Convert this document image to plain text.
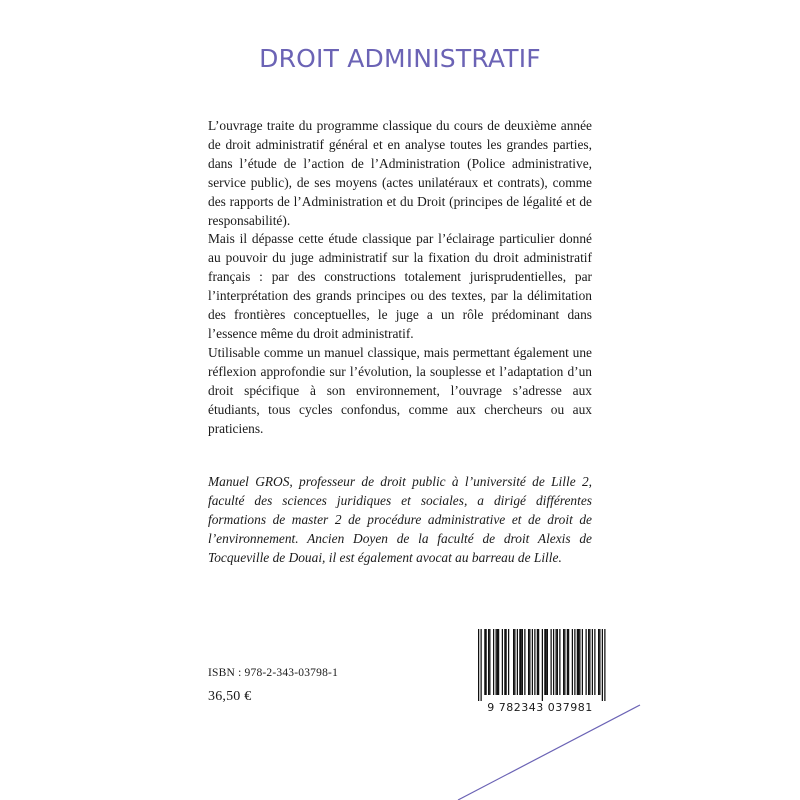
DROIT ADMINISTRATIF

L’ouvrage traite du programme classique du cours de deuxième année de droit administratif général et en analyse toutes les grandes parties, dans l’étude de l’action de l’Administration (Police administrative, service public), de ses moyens (actes unilatéraux et contrats), comme des rapports de l’Administration et du Droit (principes de légalité et de responsabilité).

Mais il dépasse cette étude classique par l’éclairage particulier donné au pouvoir du juge administratif sur la fixation du droit administratif français : par des constructions totalement jurisprudentielles, par l’interprétation des grands principes ou des textes, par la délimitation des frontières conceptuelles, le juge a un rôle prédominant dans l’essence même du droit administratif.

Utilisable comme un manuel classique, mais permettant également une réflexion approfondie sur l’évolution, la souplesse et l’adaptation d’un droit spécifique à son environnement, l’ouvrage s’adresse aux étudiants, tous cycles confondus, comme aux chercheurs ou aux praticiens.

Manuel GROS, professeur de droit public à l’université de Lille 2, faculté des sciences juridiques et sociales, a dirigé différentes formations de master 2 de procédure administrative et de droit de l’environnement. Ancien Doyen de la faculté de droit Alexis de Tocqueville de Douai, il est également avocat au barreau de Lille.

ISBN : 978-2-343-03798-1
36,50 €
9 782343 037981
